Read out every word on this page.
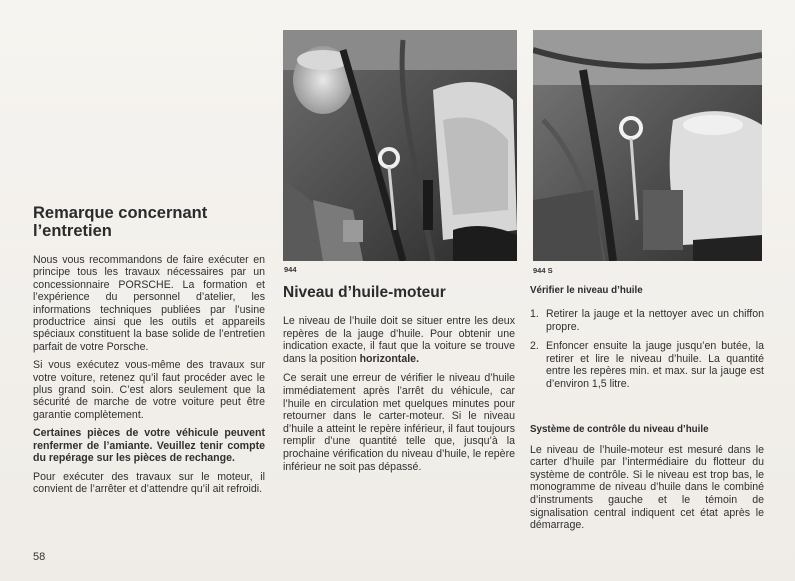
Remarque concernant
l’entretien

Nous vous recommandons de faire exécuter en principe tous les travaux nécessaires par un concessionnaire PORSCHE. La formation et l’expérience du personnel d’atelier, les informations techniques publiées par l’usine productrice ainsi que les outils et appareils spéciaux constituent la base solide de l’entretien parfait de votre Porsche.

Si vous exécutez vous-même des travaux sur votre voiture, retenez qu’il faut procéder avec le plus grand soin. C’est alors seulement que la sécurité de marche de votre voiture peut être garantie complètement.

Certaines pièces de votre véhicule peuvent renfermer de l’amiante. Veuillez tenir compte du repérage sur les pièces de rechange.

Pour exécuter des travaux sur le moteur, il convient de l’arrêter et d’attendre qu’il ait refroidi.

58
944	944 S
Niveau d’huile-moteur

Le niveau de l’huile doit se situer entre les deux repères de la jauge d’huile. Pour obtenir une indication exacte, il faut que la voiture se trouve dans la position horizontale.

Ce serait une erreur de vérifier le niveau d’huile immédiatement après l’arrêt du véhicule, car l’huile en circulation met quelques minutes pour retourner dans le carter-moteur. Si le niveau d’huile a atteint le repère inférieur, il faut toujours remplir d’une quantité telle que, jusqu’à la prochaine vérification du niveau d’huile, le repère inférieur ne soit pas dépassé.

Vérifier le niveau d’huile
1. Retirer la jauge et la nettoyer avec un chiffon propre.
2. Enfoncer ensuite la jauge jusqu’en butée, la retirer et lire le niveau d’huile. La quantité entre les repères min. et max. sur la jauge est d’environ 1,5 litre.
Système de contrôle du niveau d’huile

Le niveau de l’huile-moteur est mesuré dans le carter d’huile par l’intermédiaire du flotteur du système de contrôle. Si le niveau est trop bas, le monogramme de niveau d’huile dans le combiné d’instruments gauche et le témoin de signalisation central indiquent cet état après le démarrage.
